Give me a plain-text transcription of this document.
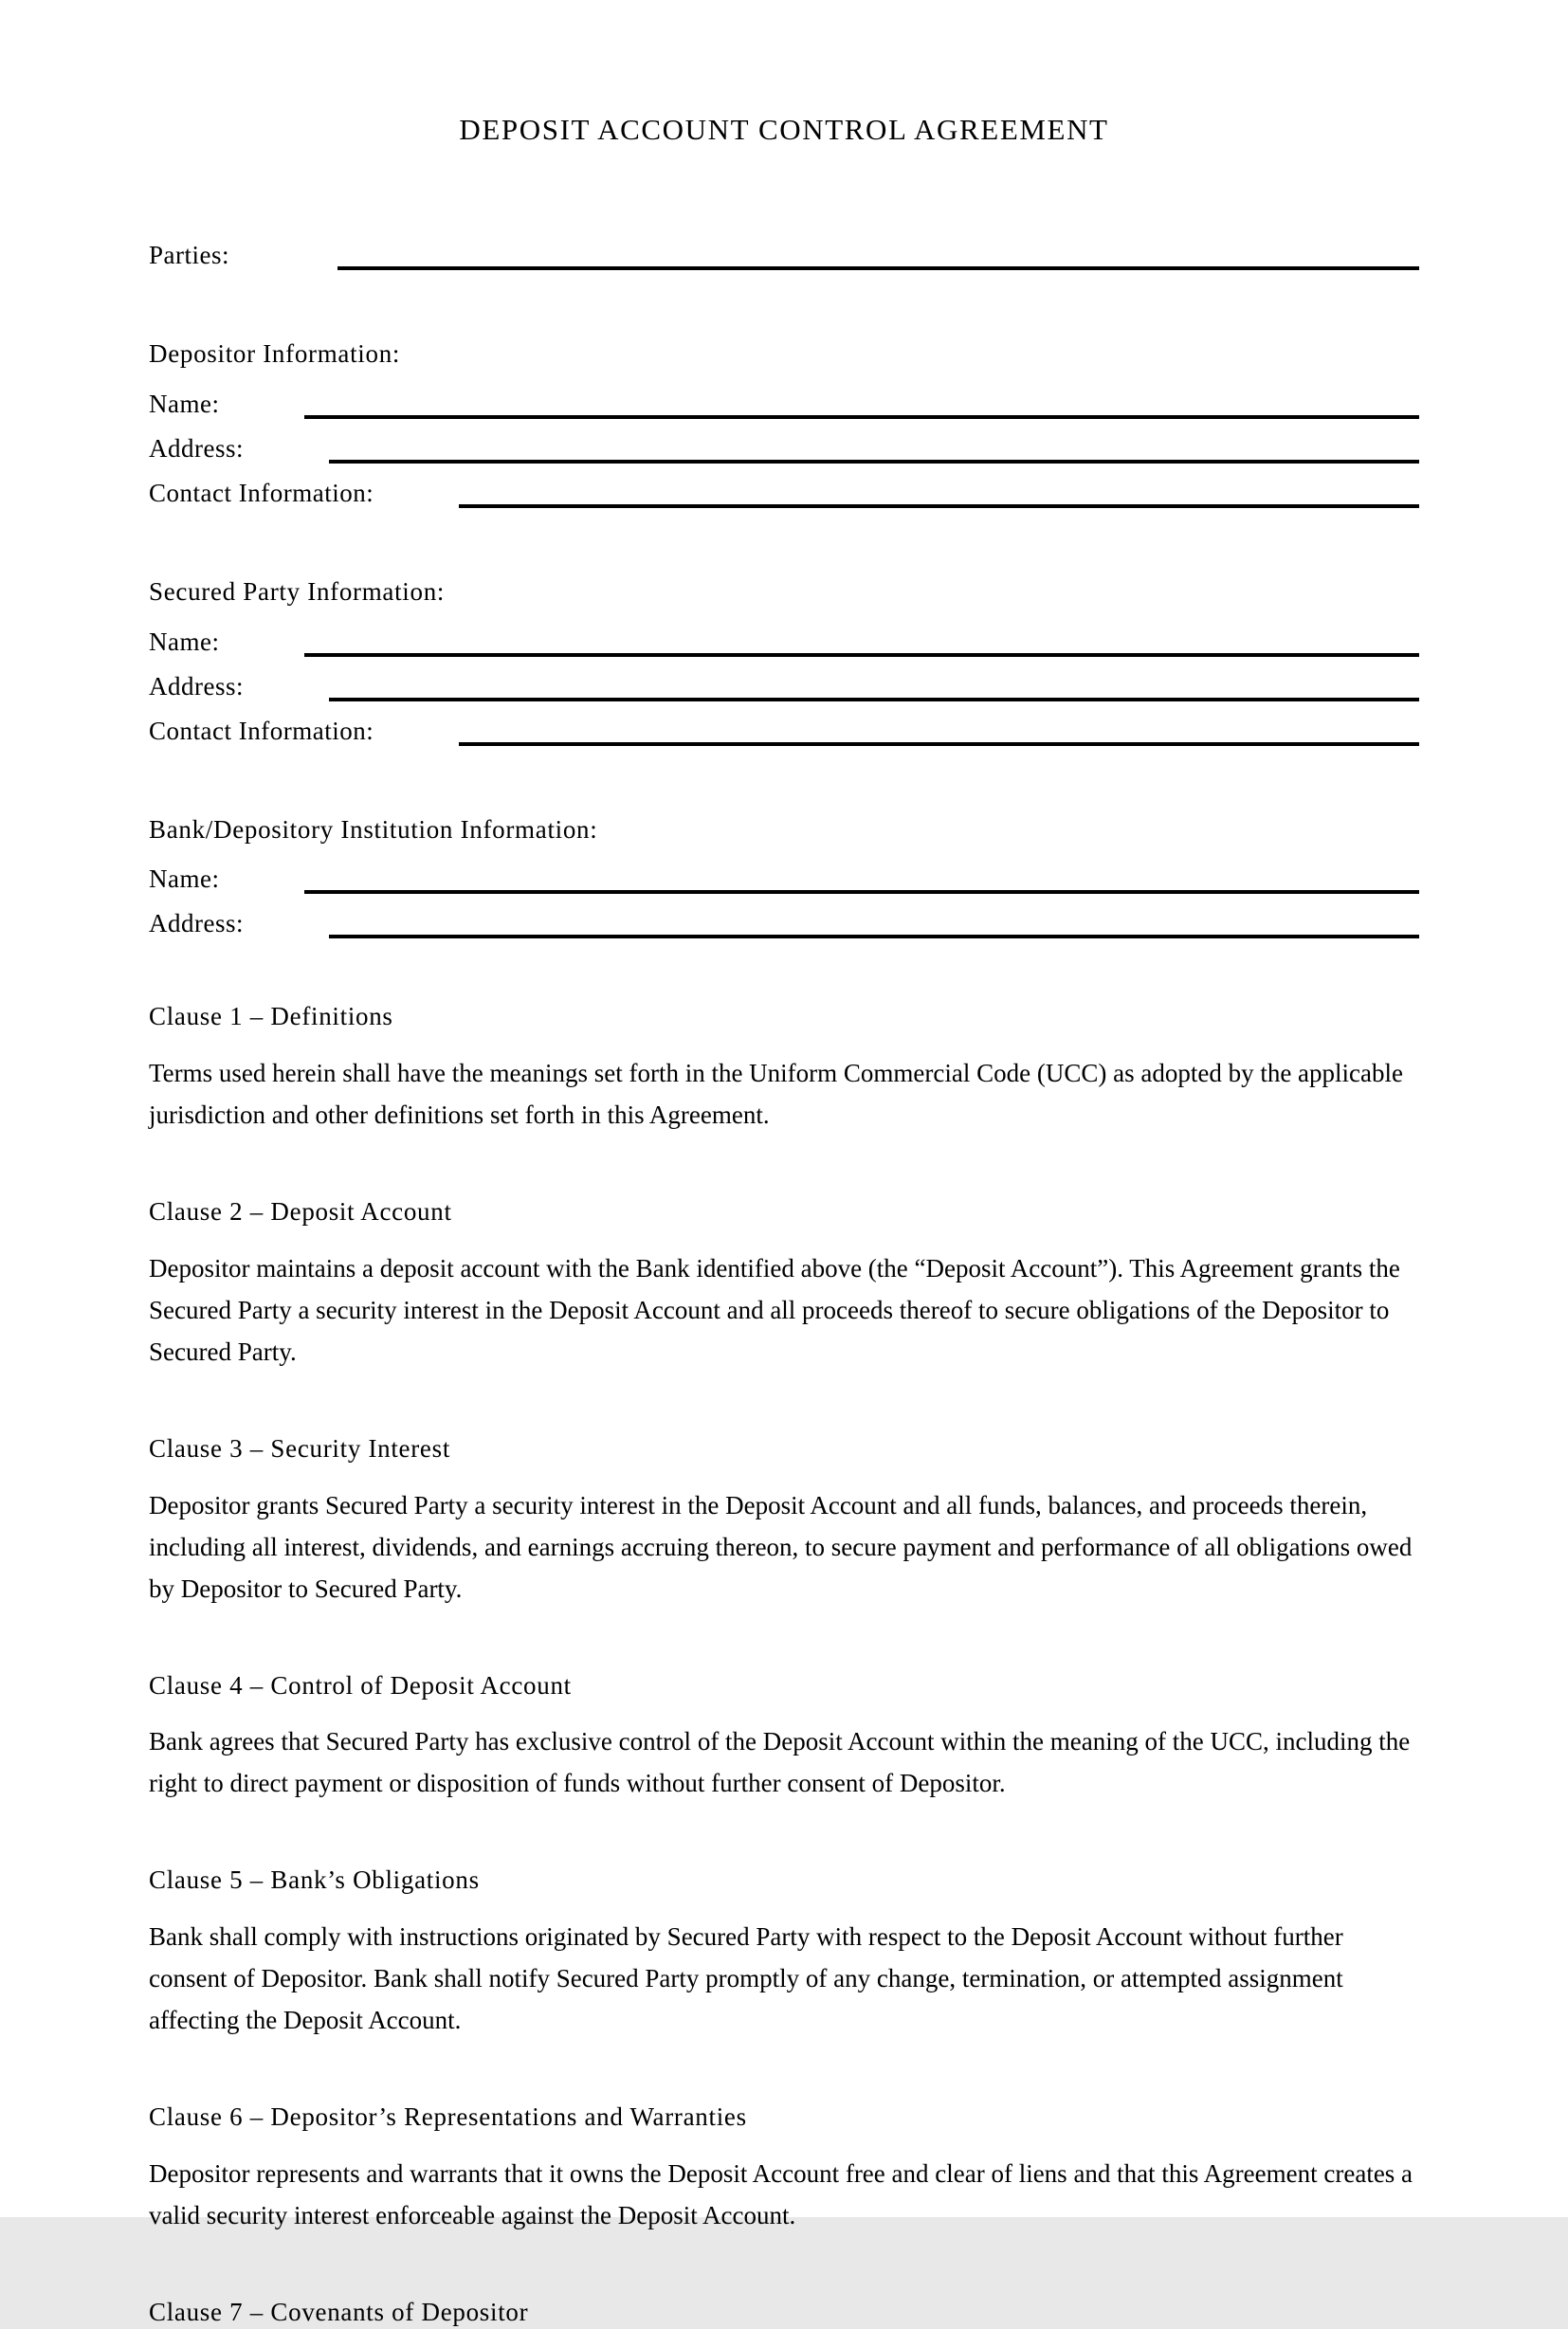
DEPOSIT ACCOUNT CONTROL AGREEMENT
Parties:
Depositor Information:
Name:
Address:
Contact Information:
Secured Party Information:
Name:
Address:
Contact Information:
Bank/Depository Institution Information:
Name:
Address:
Clause 1 – Definitions

Terms used herein shall have the meanings set forth in the Uniform Commercial Code (UCC) as adopted by the applicable jurisdiction and other definitions set forth in this Agreement.

Clause 2 – Deposit Account

Depositor maintains a deposit account with the Bank identified above (the “Deposit Account”). This Agreement grants the Secured Party a security interest in the Deposit Account and all proceeds thereof to secure obligations of the Depositor to Secured Party.

Clause 3 – Security Interest

Depositor grants Secured Party a security interest in the Deposit Account and all funds, balances, and proceeds therein, including all interest, dividends, and earnings accruing thereon, to secure payment and performance of all obligations owed by Depositor to Secured Party.

Clause 4 – Control of Deposit Account

Bank agrees that Secured Party has exclusive control of the Deposit Account within the meaning of the UCC, including the right to direct payment or disposition of funds without further consent of Depositor.

Clause 5 – Bank’s Obligations

Bank shall comply with instructions originated by Secured Party with respect to the Deposit Account without further consent of Depositor. Bank shall notify Secured Party promptly of any change, termination, or attempted assignment affecting the Deposit Account.

Clause 6 – Depositor’s Representations and Warranties

Depositor represents and warrants that it owns the Deposit Account free and clear of liens and that this Agreement creates a valid security interest enforceable against the Deposit Account.

Clause 7 – Covenants of Depositor
